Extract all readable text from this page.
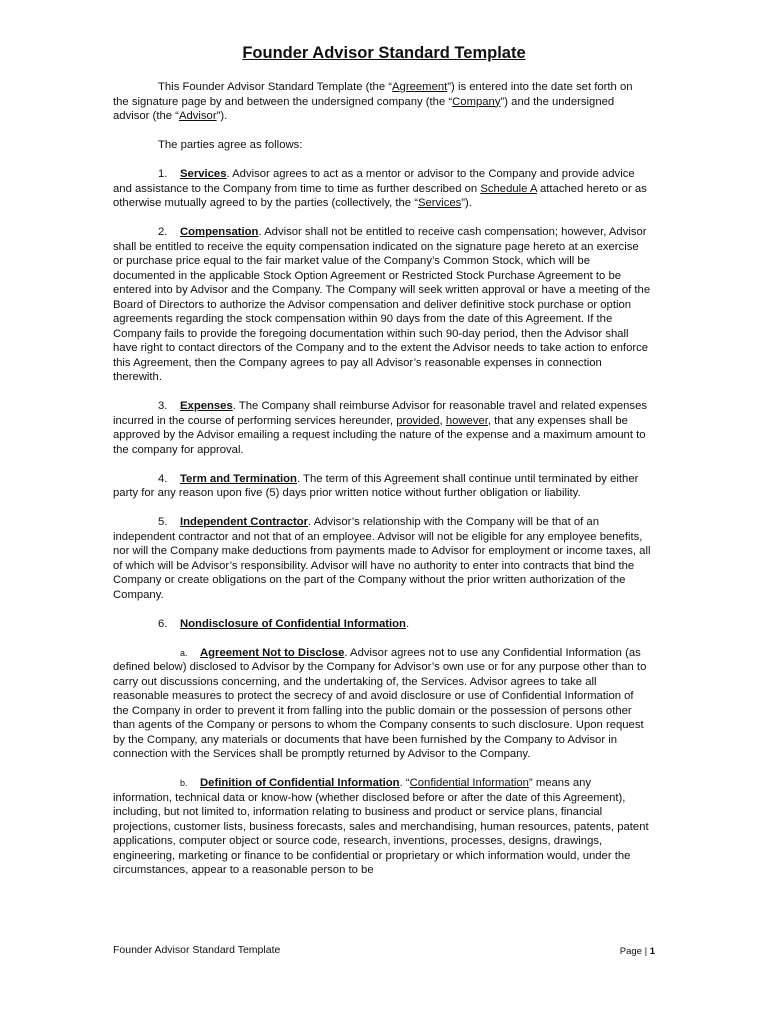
Founder Advisor Standard Template

This Founder Advisor Standard Template (the “Agreement”) is entered into the date set forth on the signature page by and between the undersigned company (the “Company”) and the undersigned advisor (the “Advisor”).

The parties agree as follows:

1. Services. Advisor agrees to act as a mentor or advisor to the Company and provide advice and assistance to the Company from time to time as further described on Schedule A attached hereto or as otherwise mutually agreed to by the parties (collectively, the “Services”).

2. Compensation. Advisor shall not be entitled to receive cash compensation; however, Advisor shall be entitled to receive the equity compensation indicated on the signature page hereto at an exercise or purchase price equal to the fair market value of the Company’s Common Stock, which will be documented in the applicable Stock Option Agreement or Restricted Stock Purchase Agreement to be entered into by Advisor and the Company. The Company will seek written approval or have a meeting of the Board of Directors to authorize the Advisor compensation and deliver definitive stock purchase or option agreements regarding the stock compensation within 90 days from the date of this Agreement. If the Company fails to provide the foregoing documentation within such 90-day period, then the Advisor shall have right to contact directors of the Company and to the extent the Advisor needs to take action to enforce this Agreement, then the Company agrees to pay all Advisor’s reasonable expenses in connection therewith.

3. Expenses. The Company shall reimburse Advisor for reasonable travel and related expenses incurred in the course of performing services hereunder, provided, however, that any expenses shall be approved by the Advisor emailing a request including the nature of the expense and a maximum amount to the company for approval.

4. Term and Termination. The term of this Agreement shall continue until terminated by either party for any reason upon five (5) days prior written notice without further obligation or liability.

5. Independent Contractor. Advisor’s relationship with the Company will be that of an independent contractor and not that of an employee. Advisor will not be eligible for any employee benefits, nor will the Company make deductions from payments made to Advisor for employment or income taxes, all of which will be Advisor’s responsibility. Advisor will have no authority to enter into contracts that bind the Company or create obligations on the part of the Company without the prior written authorization of the Company.

6. Nondisclosure of Confidential Information.

a. Agreement Not to Disclose. Advisor agrees not to use any Confidential Information (as defined below) disclosed to Advisor by the Company for Advisor’s own use or for any purpose other than to carry out discussions concerning, and the undertaking of, the Services. Advisor agrees to take all reasonable measures to protect the secrecy of and avoid disclosure or use of Confidential Information of the Company in order to prevent it from falling into the public domain or the possession of persons other than agents of the Company or persons to whom the Company consents to such disclosure. Upon request by the Company, any materials or documents that have been furnished by the Company to Advisor in connection with the Services shall be promptly returned by Advisor to the Company.

b. Definition of Confidential Information. “Confidential Information” means any information, technical data or know-how (whether disclosed before or after the date of this Agreement), including, but not limited to, information relating to business and product or service plans, financial projections, customer lists, business forecasts, sales and merchandising, human resources, patents, patent applications, computer object or source code, research, inventions, processes, designs, drawings, engineering, marketing or finance to be confidential or proprietary or which information would, under the circumstances, appear to a reasonable person to be

Founder Advisor Standard Template	Page | 1
